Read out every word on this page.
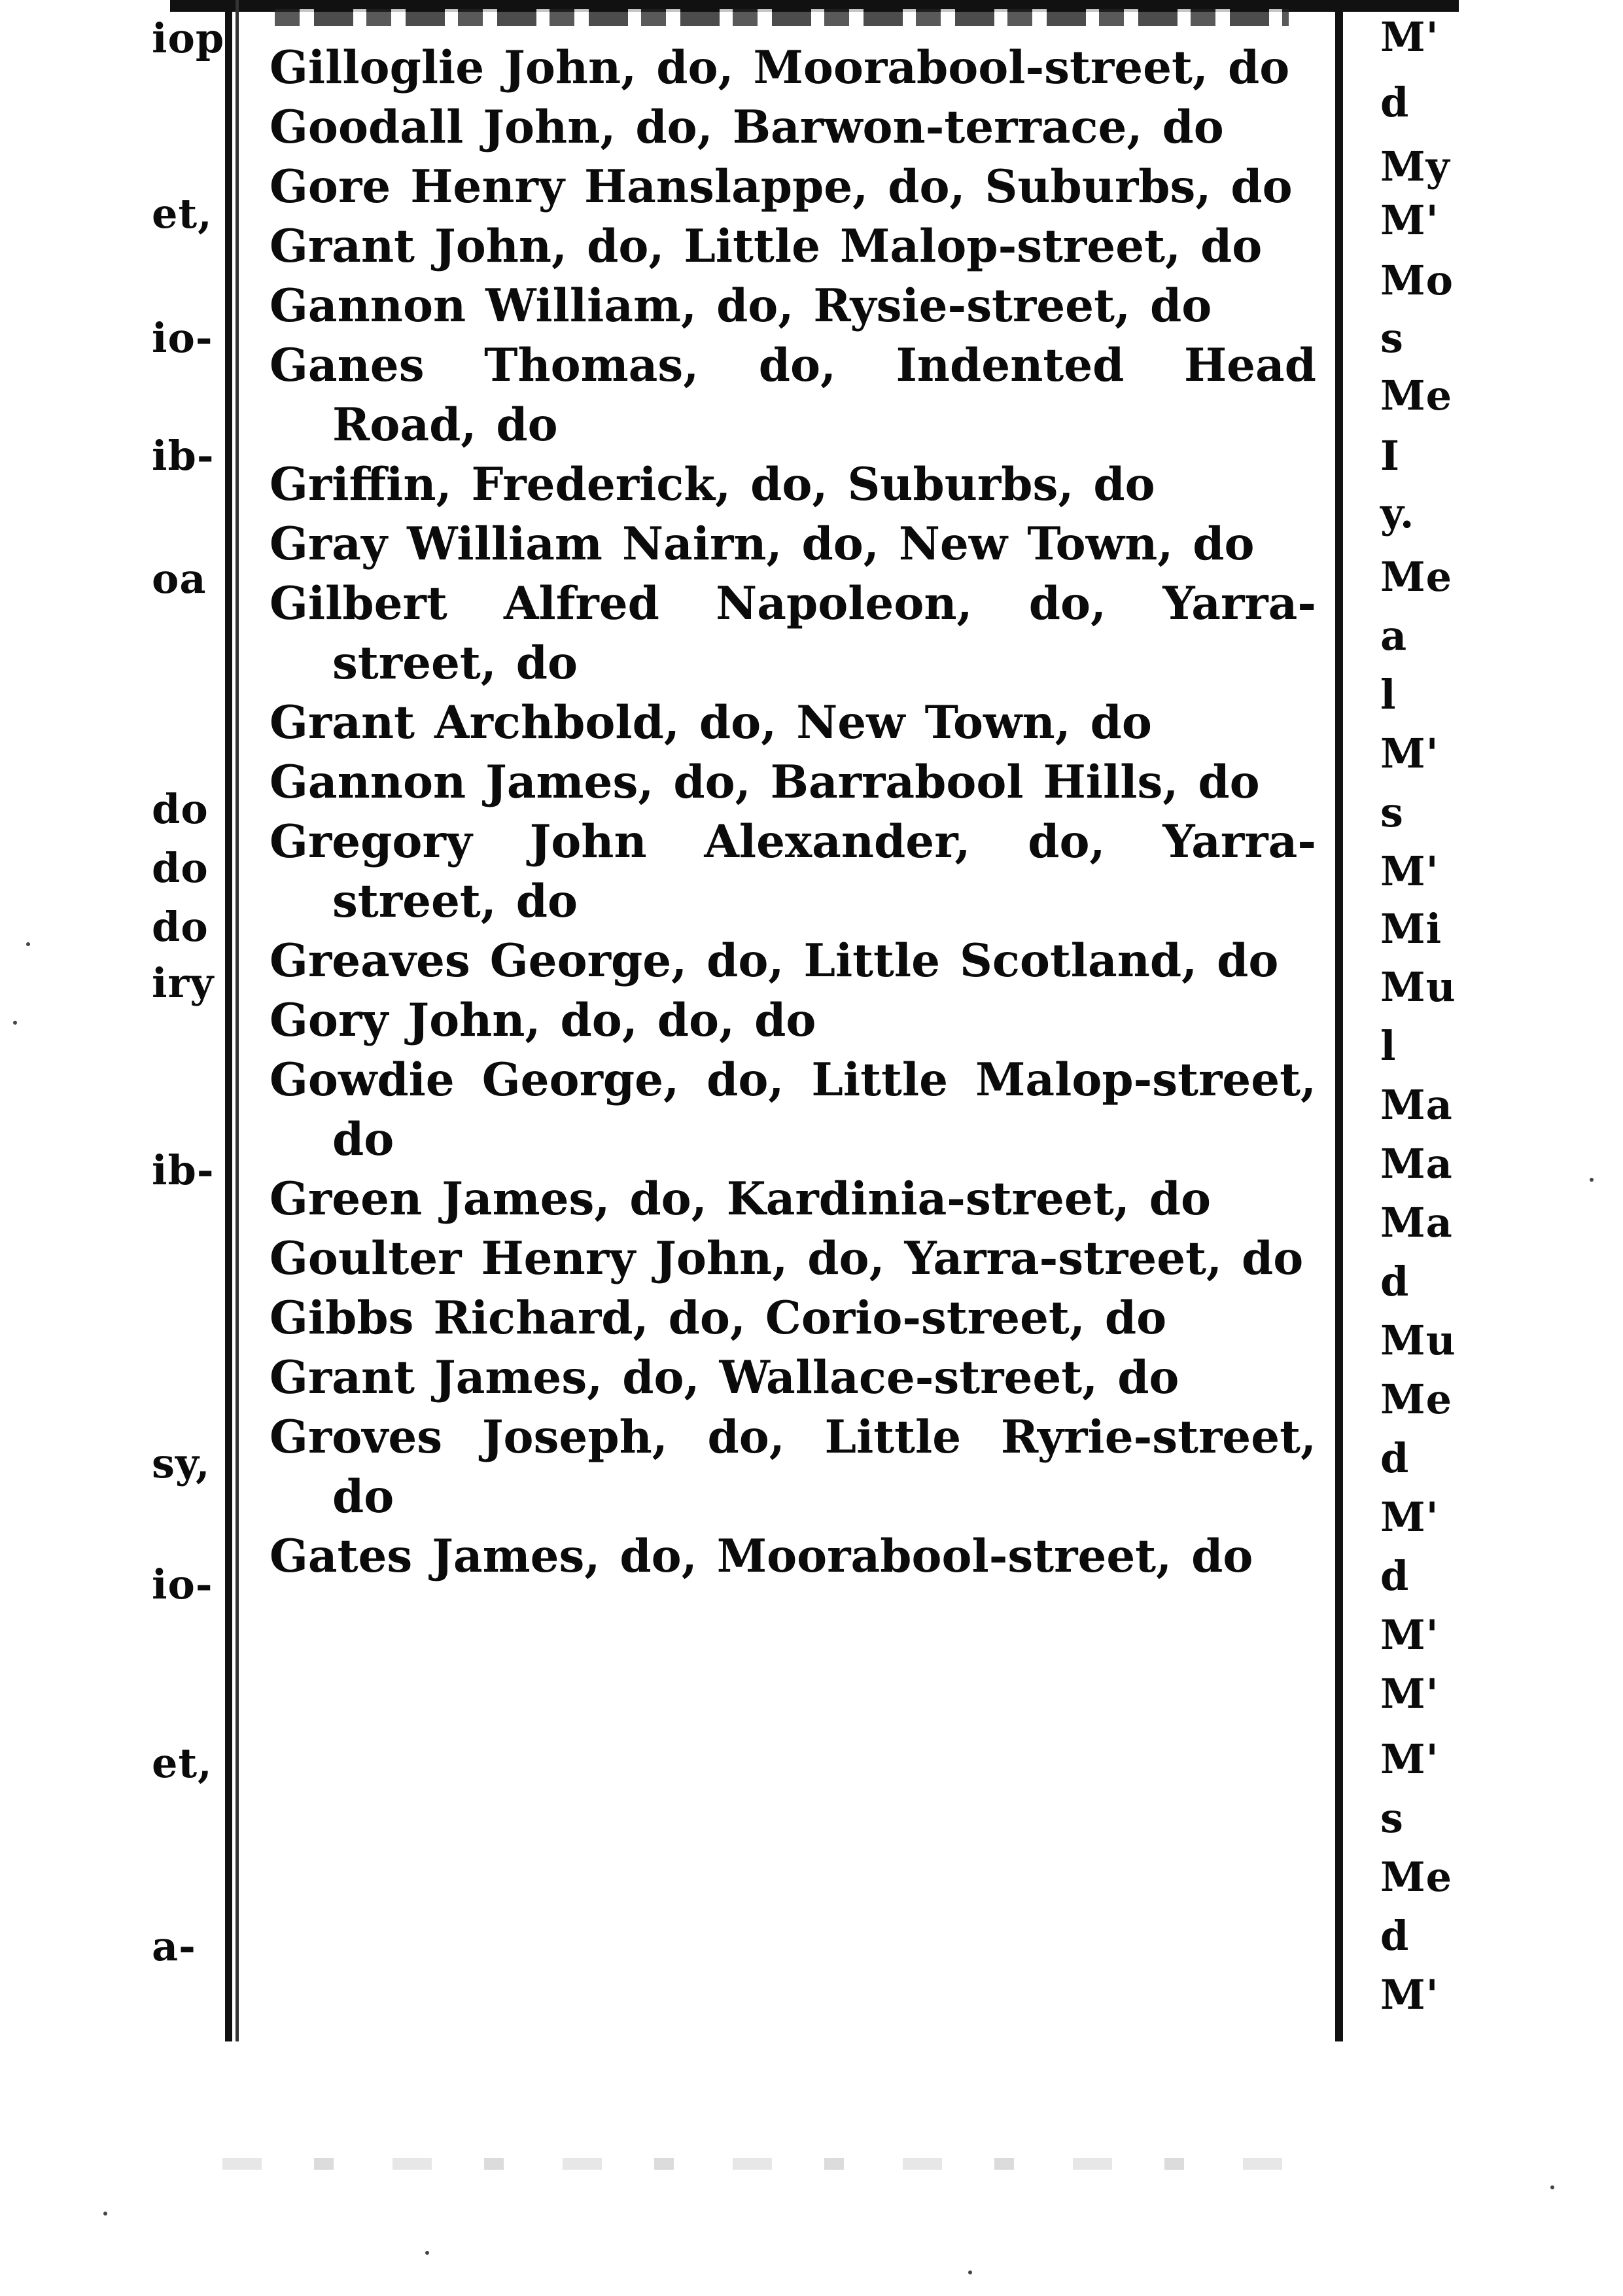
iop
et,
io-
ib-
oa
do
do
do
iry
ib-
sy,
io-
et,
a-

Gilloglie John, do, Moorabool-street, do

Goodall John, do, Barwon-terrace, do

Gore Henry Hanslappe, do, Suburbs, do

Grant John, do, Little Malop-street, do

Gannon William, do, Rysie-street, do

Ganes Thomas, do, Indented Head Road, do

Griffin, Frederick, do, Suburbs, do

Gray William Nairn, do, New Town, do

Gilbert Alfred Napoleon, do, Yarra-street, do

Grant Archbold, do, New Town, do

Gannon James, do, Barrabool Hills, do

Gregory John Alexander, do, Yarra-street, do

Greaves George, do, Little Scotland, do

Gory John, do, do, do

Gowdie George, do, Little Malop-street, do

Green James, do, Kardinia-street, do

Goulter Henry John, do, Yarra-street, do

Gibbs Richard, do, Corio-street, do

Grant James, do, Wallace-street, do

Groves Joseph, do, Little Ryrie-street, do

Gates James, do, Moorabool-street, do

M'
d
My
M'
Mo
s
Me
I
y.
Me
a
l
M'
s
M'
Mi
Mu
l
Ma
Ma
Ma
d
Mu
Me
d
M'
d
M'
M'
M'
s
Me
d
M'
